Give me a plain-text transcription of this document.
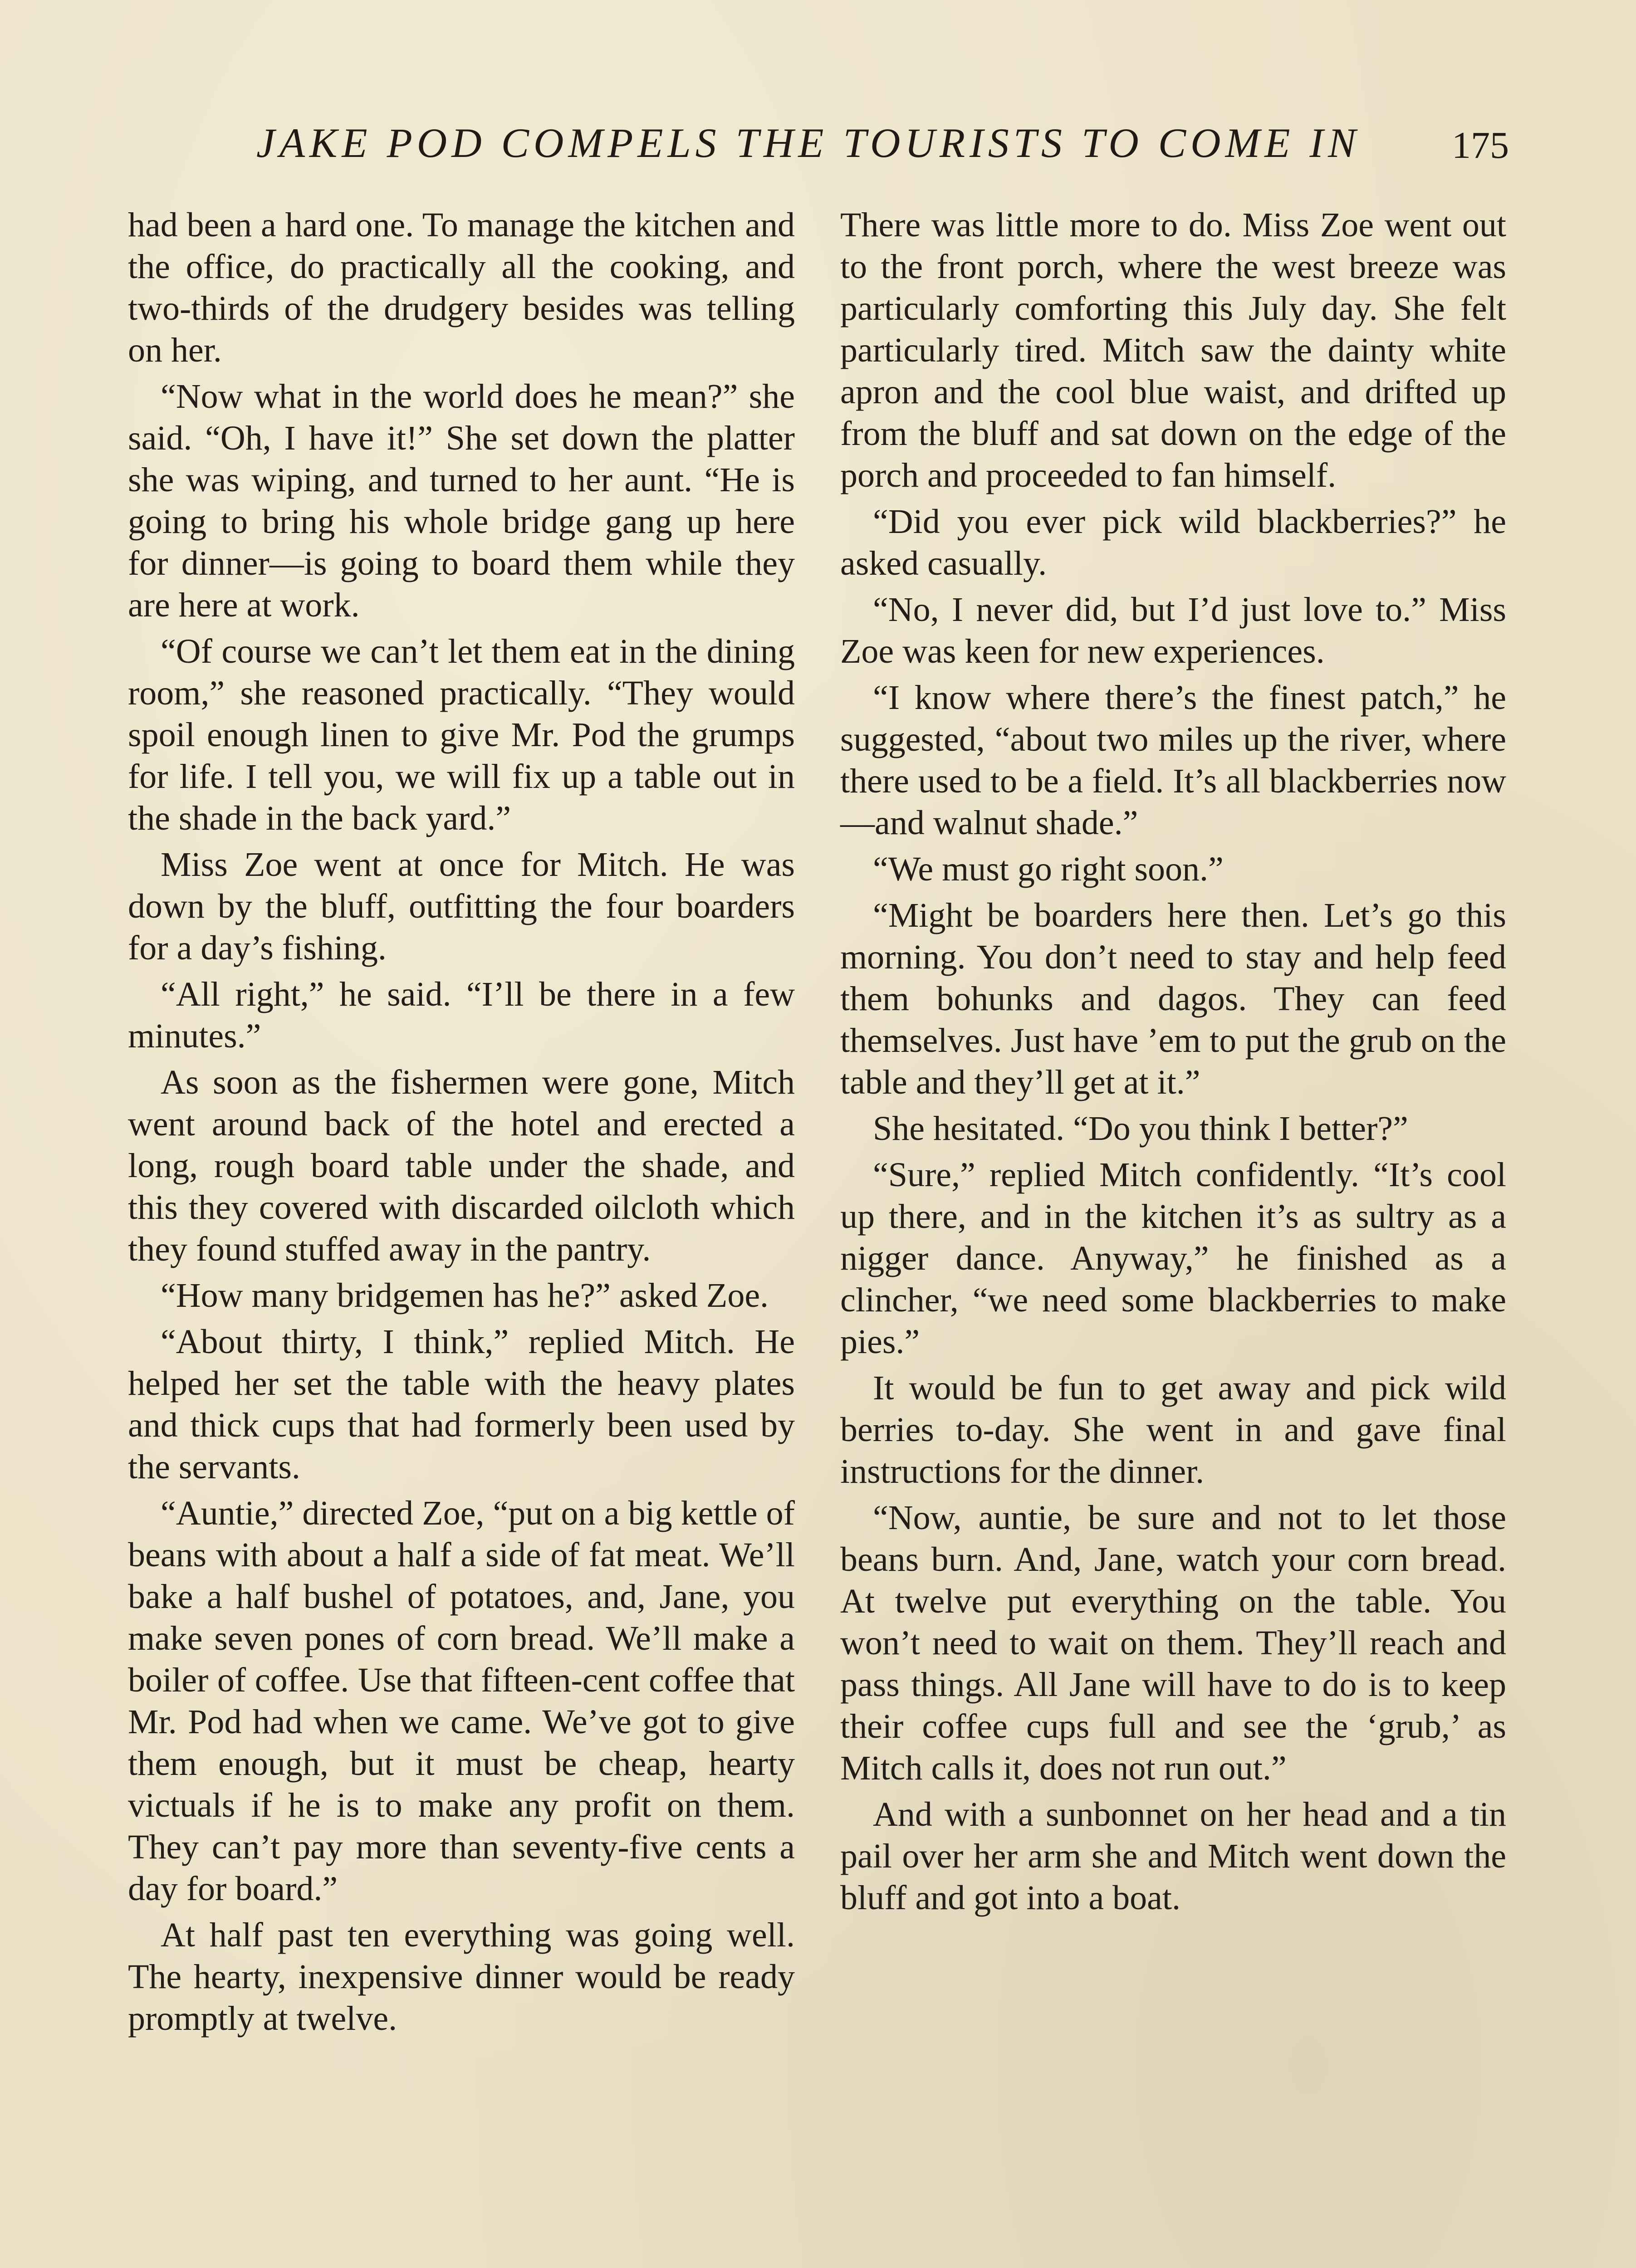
JAKE POD COMPELS THE TOURISTS TO COME IN 175

had been a hard one. To manage the kitchen and the office, do practically all the cooking, and two-thirds of the drudgery besides was telling on her.

“Now what in the world does he mean?” she said. “Oh, I have it!” She set down the platter she was wiping, and turned to her aunt. “He is going to bring his whole bridge gang up here for dinner—is going to board them while they are here at work.

“Of course we can’t let them eat in the dining room,” she reasoned practically. “They would spoil enough linen to give Mr. Pod the grumps for life. I tell you, we will fix up a table out in the shade in the back yard.”

Miss Zoe went at once for Mitch. He was down by the bluff, outfitting the four boarders for a day’s fishing.

“All right,” he said. “I’ll be there in a few minutes.”

As soon as the fishermen were gone, Mitch went around back of the hotel and erected a long, rough board table under the shade, and this they covered with discarded oilcloth which they found stuffed away in the pantry.

“How many bridgemen has he?” asked Zoe.

“About thirty, I think,” replied Mitch. He helped her set the table with the heavy plates and thick cups that had formerly been used by the servants.

“Auntie,” directed Zoe, “put on a big kettle of beans with about a half a side of fat meat. We’ll bake a half bushel of potatoes, and, Jane, you make seven pones of corn bread. We’ll make a boiler of coffee. Use that fifteen-cent coffee that Mr. Pod had when we came. We’ve got to give them enough, but it must be cheap, hearty victuals if he is to make any profit on them. They can’t pay more than seventy-five cents a day for board.”

At half past ten everything was going well. The hearty, inexpensive dinner would be ready promptly at twelve.

There was little more to do. Miss Zoe went out to the front porch, where the west breeze was particularly comforting this July day. She felt particularly tired. Mitch saw the dainty white apron and the cool blue waist, and drifted up from the bluff and sat down on the edge of the porch and proceeded to fan himself.

“Did you ever pick wild blackberries?” he asked casually.

“No, I never did, but I’d just love to.” Miss Zoe was keen for new experiences.

“I know where there’s the finest patch,” he suggested, “about two miles up the river, where there used to be a field. It’s all blackberries now—and walnut shade.”

“We must go right soon.”

“Might be boarders here then. Let’s go this morning. You don’t need to stay and help feed them bohunks and dagos. They can feed themselves. Just have ’em to put the grub on the table and they’ll get at it.”

She hesitated. “Do you think I better?”

“Sure,” replied Mitch confidently. “It’s cool up there, and in the kitchen it’s as sultry as a nigger dance. Anyway,” he finished as a clincher, “we need some blackberries to make pies.”

It would be fun to get away and pick wild berries to-day. She went in and gave final instructions for the dinner.

“Now, auntie, be sure and not to let those beans burn. And, Jane, watch your corn bread. At twelve put everything on the table. You won’t need to wait on them. They’ll reach and pass things. All Jane will have to do is to keep their coffee cups full and see the ‘grub,’ as Mitch calls it, does not run out.”

And with a sunbonnet on her head and a tin pail over her arm she and Mitch went down the bluff and got into a boat.
